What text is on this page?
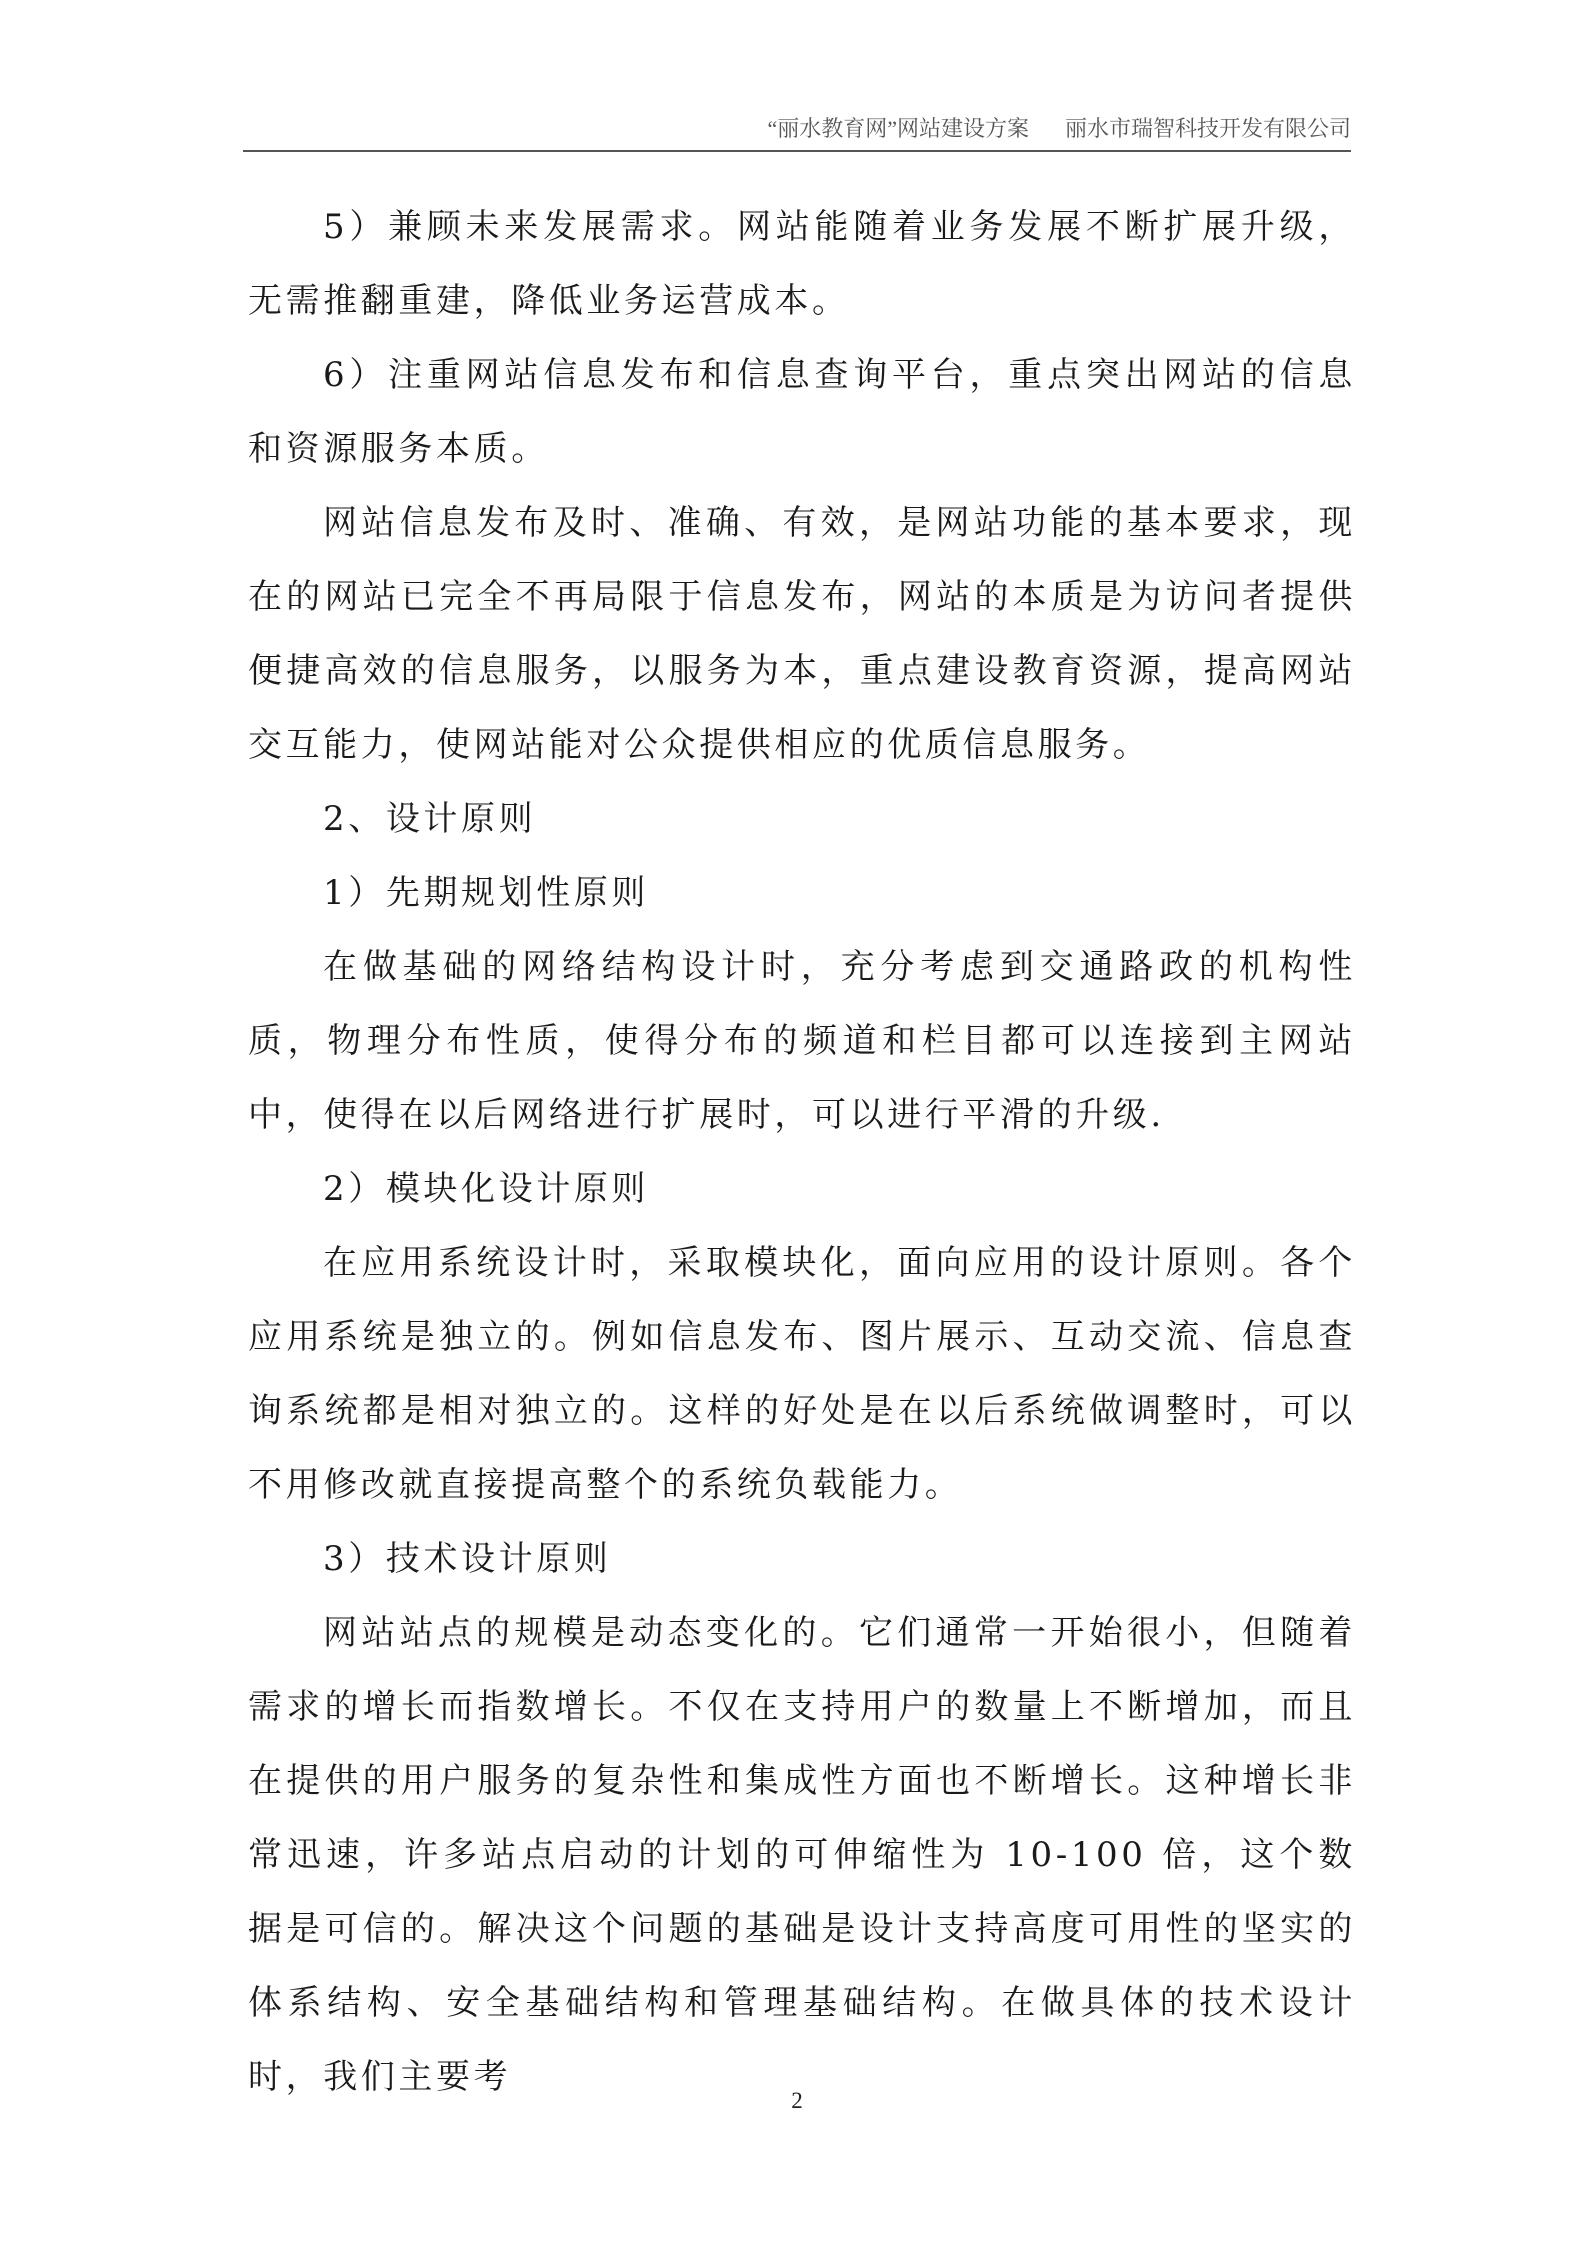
“丽水教育网”网站建设方案 丽水市瑞智科技开发有限公司

5）兼顾未来发展需求。网站能随着业务发展不断扩展升级，无需推翻重建，降低业务运营成本。

6）注重网站信息发布和信息查询平台，重点突出网站的信息和资源服务本质。

网站信息发布及时、准确、有效，是网站功能的基本要求，现在的网站已完全不再局限于信息发布，网站的本质是为访问者提供便捷高效的信息服务，以服务为本，重点建设教育资源，提高网站交互能力，使网站能对公众提供相应的优质信息服务。

2、设计原则

1）先期规划性原则

在做基础的网络结构设计时，充分考虑到交通路政的机构性质，物理分布性质，使得分布的频道和栏目都可以连接到主网站中，使得在以后网络进行扩展时，可以进行平滑的升级.

2）模块化设计原则

在应用系统设计时，采取模块化，面向应用的设计原则。各个应用系统是独立的。例如信息发布、图片展示、互动交流、信息查询系统都是相对独立的。这样的好处是在以后系统做调整时，可以不用修改就直接提高整个的系统负载能力。

3）技术设计原则

网站站点的规模是动态变化的。它们通常一开始很小，但随着需求的增长而指数增长。不仅在支持用户的数量上不断增加，而且在提供的用户服务的复杂性和集成性方面也不断增长。这种增长非常迅速，许多站点启动的计划的可伸缩性为 10-100 倍，这个数据是可信的。解决这个问题的基础是设计支持高度可用性的坚实的体系结构、安全基础结构和管理基础结构。在做具体的技术设计时，我们主要考

2
